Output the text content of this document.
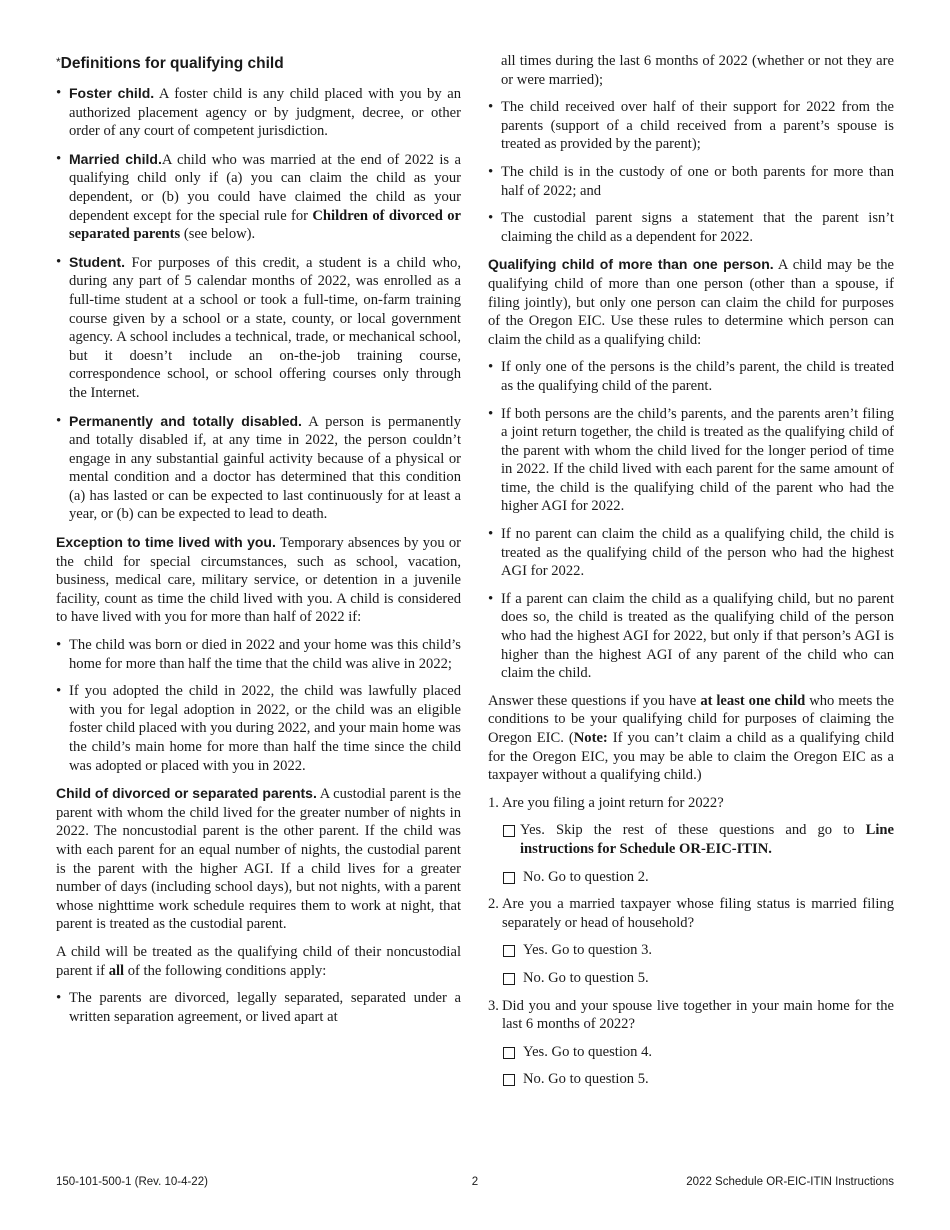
*Definitions for qualifying child

• Foster child. A foster child is any child placed with you by an authorized placement agency or by judgment, decree, or other order of any court of competent jurisdiction.

• Married child.A child who was married at the end of 2022 is a qualifying child only if (a) you can claim the child as your dependent, or (b) you could have claimed the child as your dependent except for the special rule for Children of divorced or separated parents (see below).

• Student. For purposes of this credit, a student is a child who, during any part of 5 calendar months of 2022, was enrolled as a full-time student at a school or took a full-time, on-farm training course given by a school or a state, county, or local government agency. A school includes a technical, trade, or mechanical school, but it doesn’t include an on-the-job training course, correspondence school, or school offering courses only through the Internet.

• Permanently and totally disabled. A person is permanently and totally disabled if, at any time in 2022, the person couldn’t engage in any substantial gainful activity because of a physical or mental condition and a doctor has determined that this condition (a) has lasted or can be expected to last continuously for at least a year, or (b) can be expected to lead to death.

Exception to time lived with you. Temporary absences by you or the child for special circumstances, such as school, vacation, business, medical care, military service, or detention in a juvenile facility, count as time the child lived with you. A child is considered to have lived with you for more than half of 2022 if:

• The child was born or died in 2022 and your home was this child’s home for more than half the time that the child was alive in 2022;

• If you adopted the child in 2022, the child was lawfully placed with you for legal adoption in 2022, or the child was an eligible foster child placed with you during 2022, and your main home was the child’s main home for more than half the time since the child was adopted or placed with you in 2022.

Child of divorced or separated parents. A custodial parent is the parent with whom the child lived for the greater number of nights in 2022. The noncustodial parent is the other parent. If the child was with each parent for an equal number of nights, the custodial parent is the parent with the higher AGI. If a child lives for a greater number of days (including school days), but not nights, with a parent whose nighttime work schedule requires them to work at night, that parent is treated as the custodial parent.

A child will be treated as the qualifying child of their noncustodial parent if all of the following conditions apply:

• The parents are divorced, legally separated, separated under a written separation agreement, or lived apart at

all times during the last 6 months of 2022 (whether or not they are or were married);

• The child received over half of their support for 2022 from the parents (support of a child received from a parent’s spouse is treated as provided by the parent);

• The child is in the custody of one or both parents for more than half of 2022; and

• The custodial parent signs a statement that the parent isn’t claiming the child as a dependent for 2022.

Qualifying child of more than one person. A child may be the qualifying child of more than one person (other than a spouse, if filing jointly), but only one person can claim the child for purposes of the Oregon EIC. Use these rules to determine which person can claim the child as a qualifying child:

• If only one of the persons is the child’s parent, the child is treated as the qualifying child of the parent.

• If both persons are the child’s parents, and the parents aren’t filing a joint return together, the child is treated as the qualifying child of the parent with whom the child lived for the longer period of time in 2022. If the child lived with each parent for the same amount of time, the child is the qualifying child of the parent who had the higher AGI for 2022.

• If no parent can claim the child as a qualifying child, the child is treated as the qualifying child of the person who had the highest AGI for 2022.

• If a parent can claim the child as a qualifying child, but no parent does so, the child is treated as the qualifying child of the person who had the highest AGI for 2022, but only if that person’s AGI is higher than the highest AGI of any parent of the child who can claim the child.

Answer these questions if you have at least one child who meets the conditions to be your qualifying child for purposes of claiming the Oregon EIC. (Note: If you can’t claim a child as a qualifying child for the Oregon EIC, you may be able to claim the Oregon EIC as a taxpayer without a qualifying child.)

1. Are you filing a joint return for 2022?

Yes. Skip the rest of these questions and go to Line instructions for Schedule OR-EIC-ITIN.

No. Go to question 2.

2. Are you a married taxpayer whose filing status is married filing separately or head of household?

Yes. Go to question 3.

No. Go to question 5.

3. Did you and your spouse live together in your main home for the last 6 months of 2022?

Yes. Go to question 4.

No. Go to question 5.

150-101-500-1 (Rev. 10-4-22)	2	2022 Schedule OR-EIC-ITIN Instructions
